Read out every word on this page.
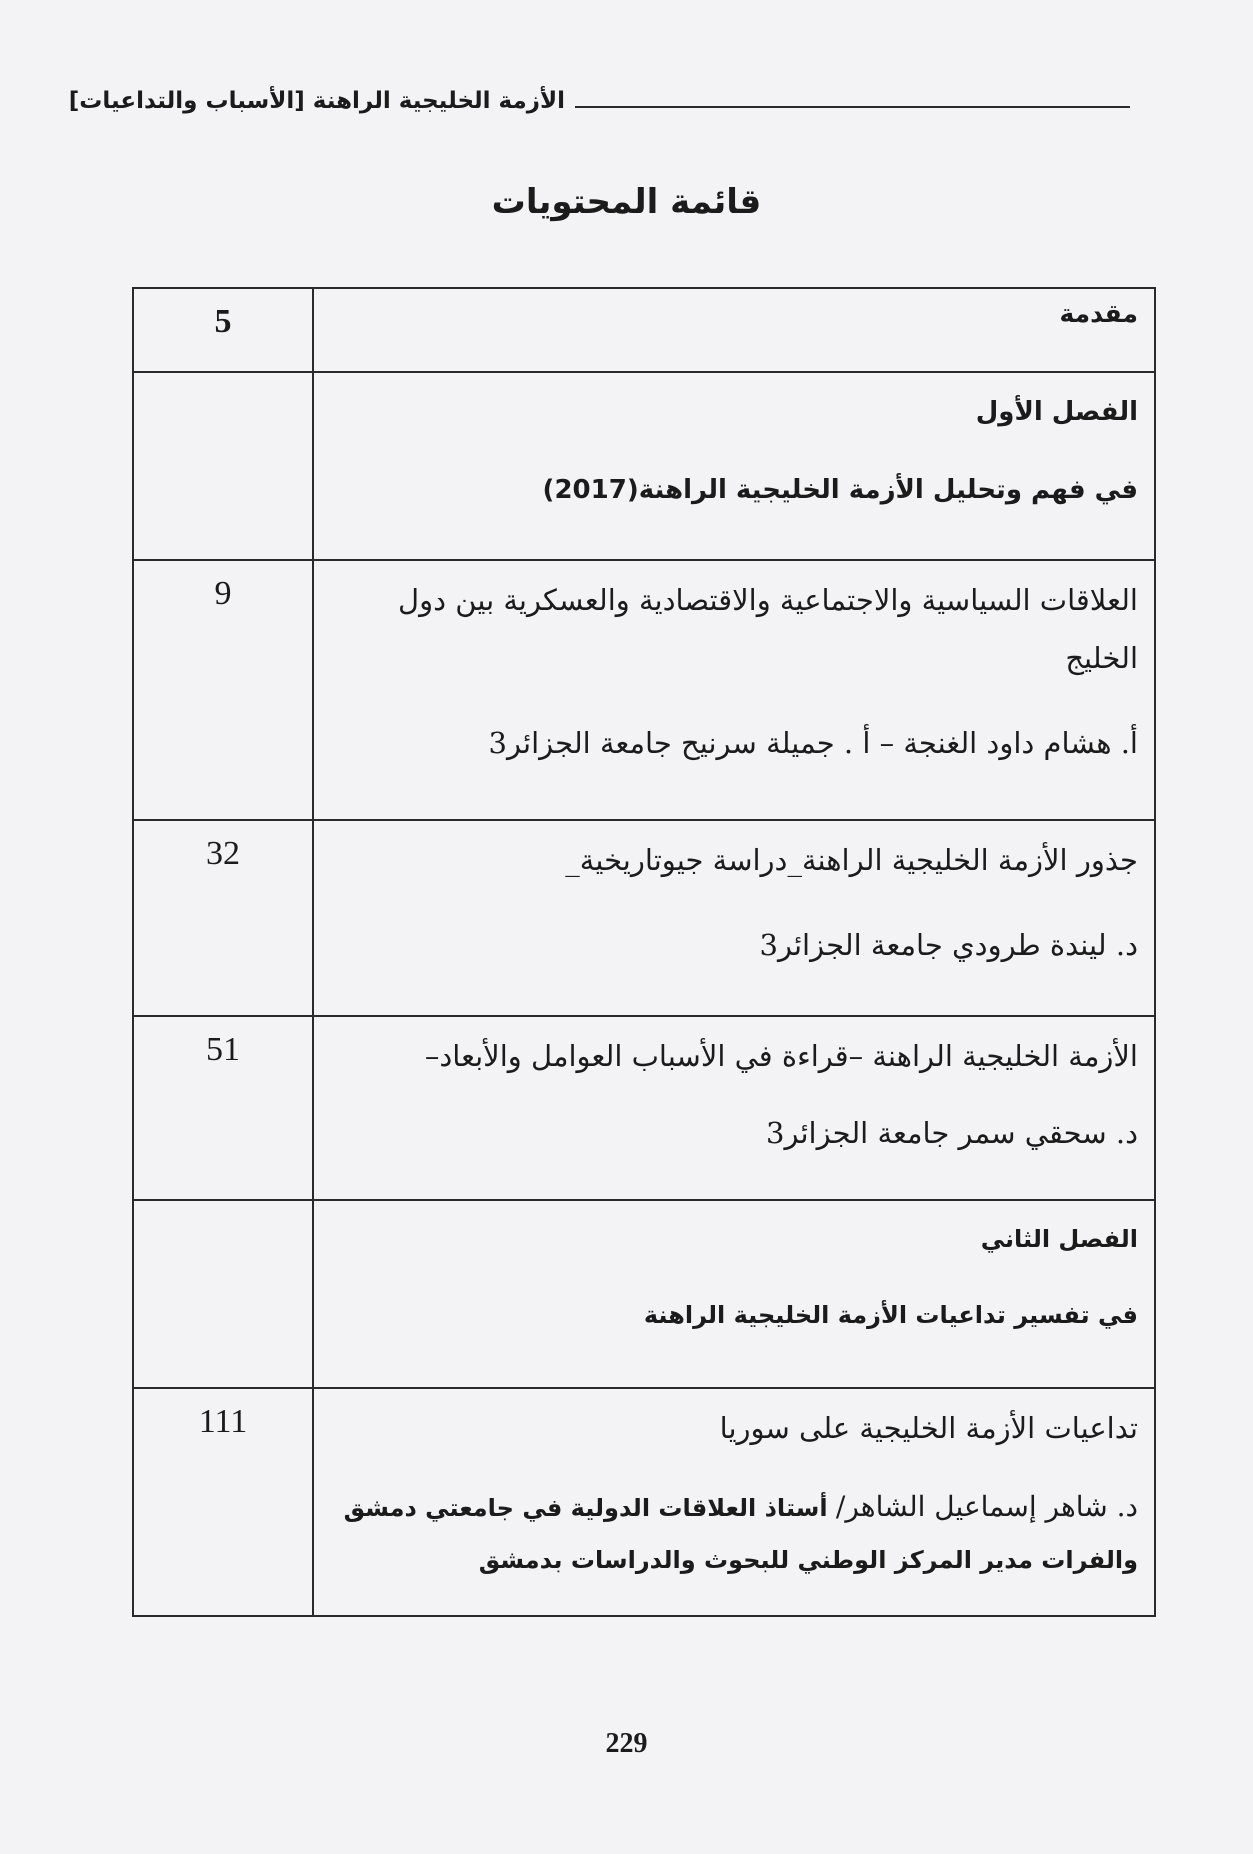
الأزمة الخليجية الراهنة [الأسباب والتداعيات]
قائمة المحتويات
مقدمة	5

الفصل الأول
في فهم وتحليل الأزمة الخليجية الراهنة(2017)	

العلاقات السياسية والاجتماعية والاقتصادية والعسكرية بين دول الخليج
أ. هشام داود الغنجة – أ . جميلة سرنيح جامعة الجزائر3	9

جذور الأزمة الخليجية الراهنة_دراسة جيوتاريخية_
د. ليندة طرودي جامعة الجزائر3	32

الأزمة الخليجية الراهنة –قراءة في الأسباب العوامل والأبعاد–
د. سحقي سمر جامعة الجزائر3	51

الفصل الثاني
في تفسير تداعيات الأزمة الخليجية الراهنة	

تداعيات الأزمة الخليجية على سوريا
د. شاهر إسماعيل الشاهر/ أستاذ العلاقات الدولية في جامعتي دمشق والفرات مدير المركز الوطني للبحوث والدراسات بدمشق	111
229
